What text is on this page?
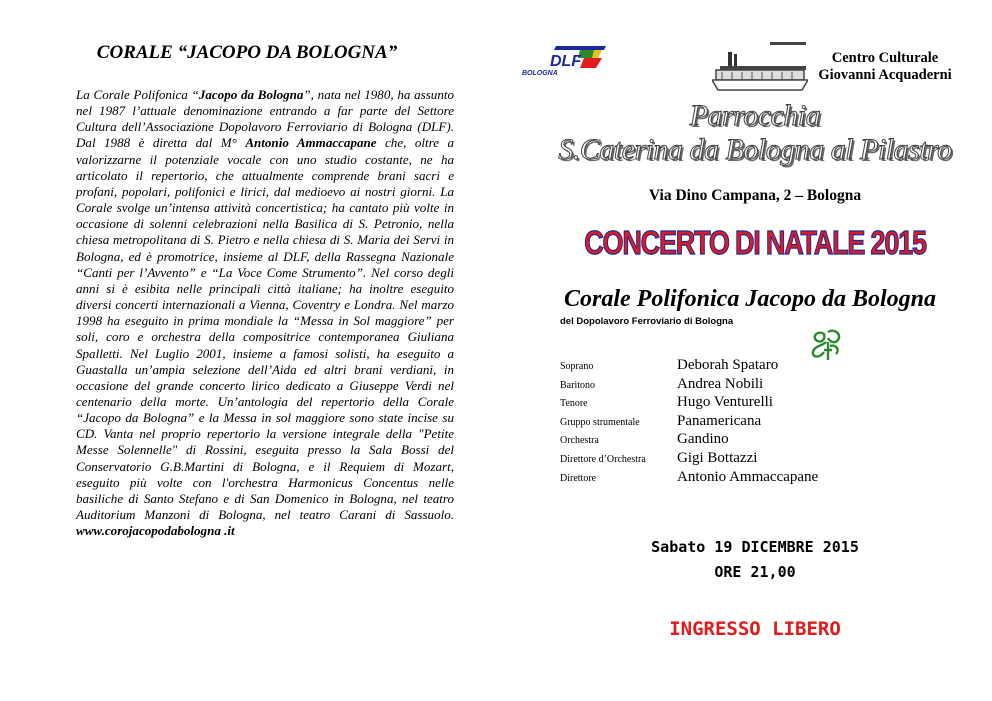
CORALE “JACOPO DA BOLOGNA”
La Corale Polifonica “Jacopo da Bologna”, nata nel 1980, ha assunto nel 1987 l’attuale denominazione entrando a far parte del Settore Cultura dell’Associazione Dopolavoro Ferroviario di Bologna (DLF). Dal 1988 è diretta dal M° Antonio Ammaccapane che, oltre a valorizzarne il potenziale vocale con uno studio costante, ne ha articolato il repertorio, che attualmente comprende brani sacri e profani, popolari, polifonici e lirici, dal medioevo ai nostri giorni. La Corale svolge un’intensa attività concertistica; ha cantato più volte in occasione di solenni celebrazioni nella Basilica di S. Petronio, nella chiesa metropolitana di S. Pietro e nella chiesa di S. Maria dei Servi in Bologna, ed è promotrice, insieme al DLF, della Rassegna Nazionale “Canti per l’Avvento” e “La Voce Come Strumento”. Nel corso degli anni si è esibita nelle principali città italiane; ha inoltre eseguito diversi concerti internazionali a Vienna, Coventry e Londra. Nel marzo 1998 ha eseguito in prima mondiale la “Messa in Sol maggiore” per soli, coro e orchestra della compositrice contemporanea Giuliana Spalletti. Nel Luglio 2001, insieme a famosi solisti, ha eseguito a Guastalla un’ampia selezione dell’Aida ed altri brani verdiani, in occasione del grande concerto lirico dedicato a Giuseppe Verdi nel centenario della morte. Un’antologia del repertorio della Corale “Jacopo da Bologna” e la Messa in sol maggiore sono state incise su CD. Vanta nel proprio repertorio la versione integrale della "Petite Messe Solennelle" di Rossini, eseguita presso la Sala Bossi del Conservatorio G.B.Martini di Bologna, e il Requiem di Mozart, eseguito più volte con l'orchestra Harmonicus Concentus nelle basiliche di Santo Stefano e di San Domenico in Bologna, nel teatro Auditorium Manzoni di Bologna, nel teatro Carani di Sassuolo. www.corojacopodabologna .it
DLF
BOLOGNA
Centro Culturale
Giovanni Acquaderni
Parrocchia
S.Caterina da Bologna al Pilastro
Via Dino Campana, 2 – Bologna
CONCERTO DI NATALE 2015
Corale Polifonica Jacopo da Bologna
del Dopolavoro Ferroviario di Bologna
Soprano	Deborah Spataro
Baritono	Andrea Nobili
Tenore	Hugo Venturelli
Gruppo strumentale	Panamericana
Orchestra	Gandino
Direttore d’Orchestra	Gigi Bottazzi
Direttore	Antonio Ammaccapane
Sabato 19 DICEMBRE 2015
ORE 21,00
INGRESSO LIBERO
